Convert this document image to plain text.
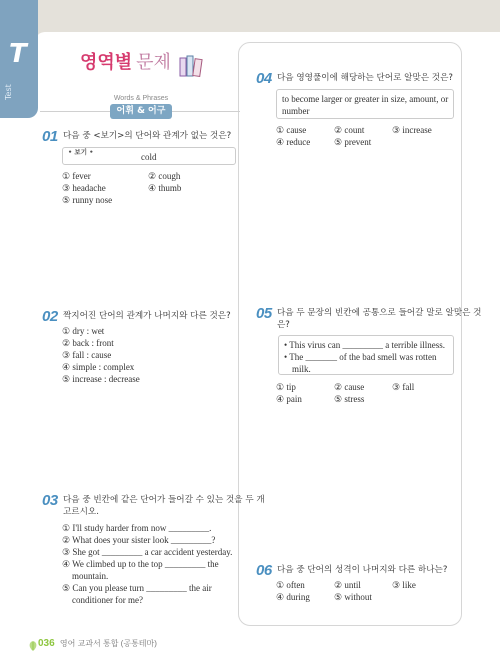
T
Test
영역별 문제
Words & Phrases
어휘 & 어구
01 다음 중 <보기>의 단어와 관계가 없는 것은?
• 보기 •	cold
① fever	② cough
③ headache	④ thumb
⑤ runny nose
02 짝지어진 단어의 관계가 나머지와 다른 것은?
① dry : wet
② back : front
③ fall : cause
④ simple : complex
⑤ increase : decrease
03 다음 중 빈칸에 같은 단어가 들어갈 수 있는 것을 두 개
고르시오.
① I'll study harder from now _________.
② What does your sister look _________?
③ She got _________ a car accident yesterday.
④ We climbed up to the top _________ the
mountain.
⑤ Can you please turn _________ the air
conditioner for me?
04 다음 영영풀이에 해당하는 단어로 알맞은 것은?
to become larger or greater in size, amount, or
number
① cause	② count	③ increase
④ reduce	⑤ prevent
05 다음 두 문장의 빈칸에 공통으로 들어갈 말로 알맞은 것
은?
• This virus can _________ a terrible illness.
• The _______ of the bad smell was rotten
milk.
① tip	② cause	③ fall
④ pain	⑤ stress
06 다음 중 단어의 성격이 나머지와 다른 하나는?
① often	② until	③ like
④ during	⑤ without
036 영어 교과서 통합 (공통테마)
